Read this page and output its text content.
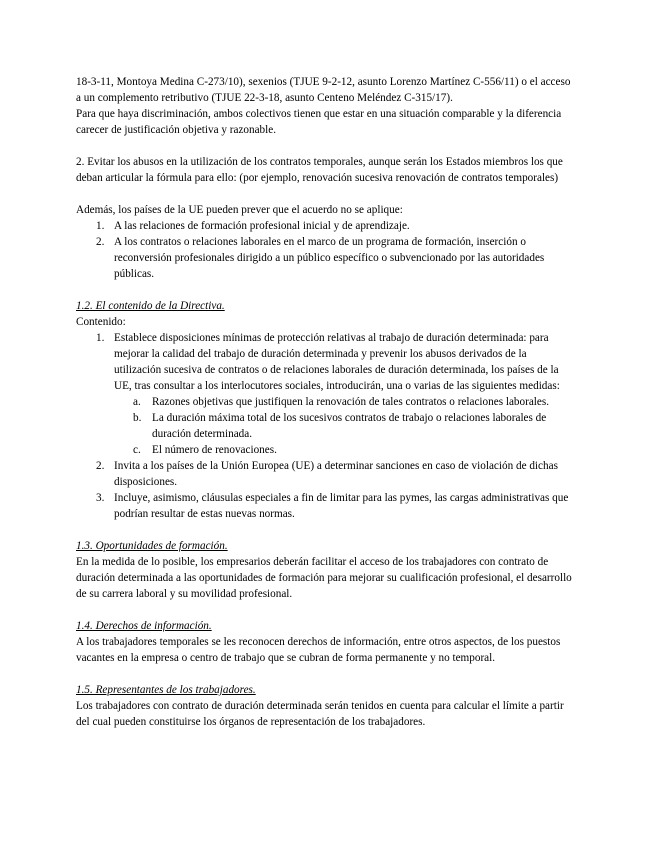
18-3-11, Montoya Medina C-273/10), sexenios (TJUE 9-2-12, asunto Lorenzo Martínez C-556/11) o el acceso a un complemento retributivo (TJUE 22-3-18, asunto Centeno Meléndez C-315/17).

Para que haya discriminación, ambos colectivos tienen que estar en una situación comparable y la diferencia carecer de justificación objetiva y razonable.

2. Evitar los abusos en la utilización de los contratos temporales, aunque serán los Estados miembros los que deban articular la fórmula para ello: (por ejemplo, renovación sucesiva renovación de contratos temporales)

Además, los países de la UE pueden prever que el acuerdo no se aplique:

1. A las relaciones de formación profesional inicial y de aprendizaje.
2. A los contratos o relaciones laborales en el marco de un programa de formación, inserción o reconversión profesionales dirigido a un público específico o subvencionado por las autoridades públicas.

1.2. El contenido de la Directiva.

Contenido:

1. Establece disposiciones mínimas de protección relativas al trabajo de duración determinada: para mejorar la calidad del trabajo de duración determinada y prevenir los abusos derivados de la utilización sucesiva de contratos o de relaciones laborales de duración determinada, los países de la UE, tras consultar a los interlocutores sociales, introducirán, una o varias de las siguientes medidas:
a. Razones objetivas que justifiquen la renovación de tales contratos o relaciones laborales.
b. La duración máxima total de los sucesivos contratos de trabajo o relaciones laborales de duración determinada.
c. El número de renovaciones.
2. Invita a los países de la Unión Europea (UE) a determinar sanciones en caso de violación de dichas disposiciones.
3. Incluye, asimismo, cláusulas especiales a fin de limitar para las pymes, las cargas administrativas que podrían resultar de estas nuevas normas.

1.3. Oportunidades de formación.

En la medida de lo posible, los empresarios deberán facilitar el acceso de los trabajadores con contrato de duración determinada a las oportunidades de formación para mejorar su cualificación profesional, el desarrollo de su carrera laboral y su movilidad profesional.

1.4. Derechos de información.

A los trabajadores temporales se les reconocen derechos de información, entre otros aspectos, de los puestos vacantes en la empresa o centro de trabajo que se cubran de forma permanente y no temporal.

1.5. Representantes de los trabajadores.

Los trabajadores con contrato de duración determinada serán tenidos en cuenta para calcular el límite a partir del cual pueden constituirse los órganos de representación de los trabajadores.
